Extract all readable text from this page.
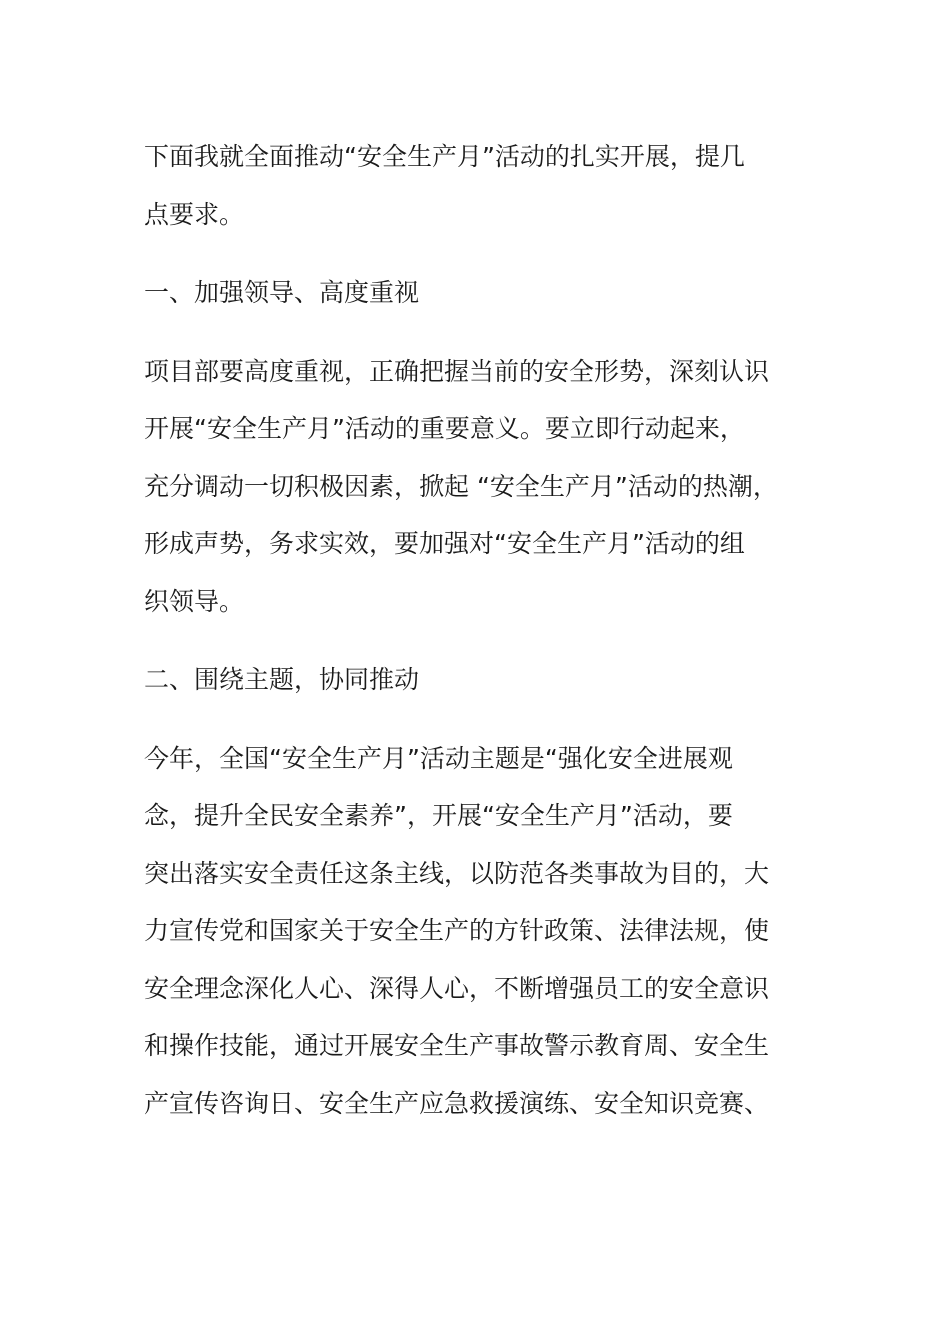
下面我就全面推动“安全生产月”活动的扎实开展，提几
点要求。
一、加强领导、高度重视
项目部要高度重视，正确把握当前的安全形势，深刻认识
开展“安全生产月”活动的重要意义。要立即行动起来，
充分调动一切积极因素，掀起 “安全生产月”活动的热潮，
形成声势，务求实效，要加强对“安全生产月”活动的组
织领导。
二、围绕主题，协同推动
今年，全国“安全生产月”活动主题是“强化安全进展观
念，提升全民安全素养”，开展“安全生产月”活动，要
突出落实安全责任这条主线，以防范各类事故为目的，大
力宣传党和国家关于安全生产的方针政策、法律法规，使
安全理念深化人心、深得人心，不断增强员工的安全意识
和操作技能，通过开展安全生产事故警示教育周、安全生
产宣传咨询日、安全生产应急救援演练、安全知识竞赛、
